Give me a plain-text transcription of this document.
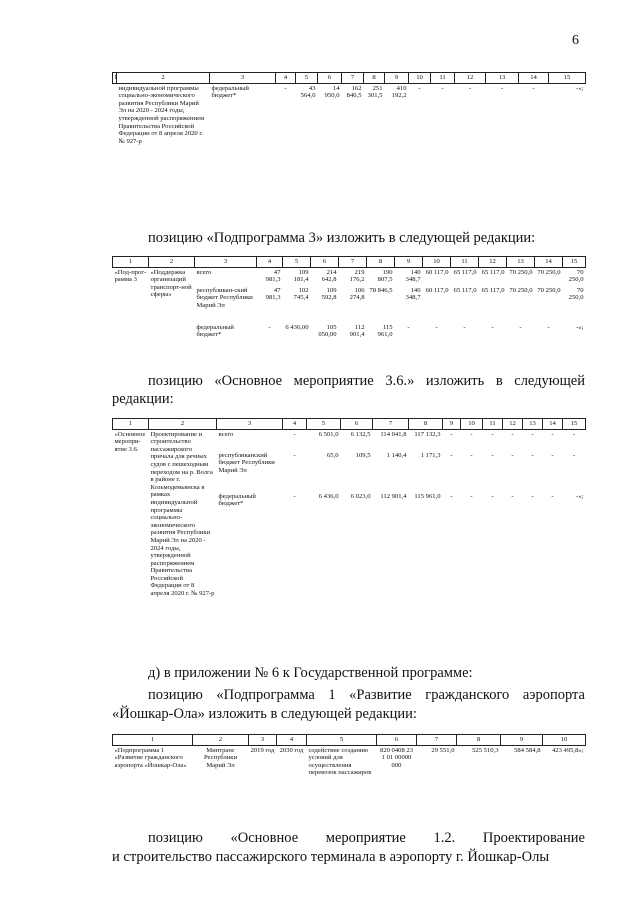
6
1	2	3	4	5	6	7	8	9	10	11	12	13	14	15
	индивидуальной программы социально-экономического развития Республики Марий Эл на 2020 - 2024 годы, утвержденной распоряжением Правительства Российской Федерации от 8 апреля 2020 г. № 927-р	федеральный бюджет*	-	43 564,0	14 950,0	162 840,5	251 301,5	410 192,2	-	-	-	-	-	-»;
позицию «Подпрограмма 3» изложить в следующей редакции:
1	2	3	4	5	6	7	8	9	10	11	12	13	14	15
«Под-прог-рамма 3	«Поддержка организаций транспорт-ной сферы»	всего	47 981,3	109 181,4	214 642,8	219 176,2	190 807,5	140 348,7	60 117,0	65 117,0	65 117,0	70 250,0	70 250,0	70 250,0
		республикан-ский бюджет Республики Марий Эл	47 981,3	102 745,4	109 592,8	106 274,8	78 846,5	140 348,7	60 117,0	65 117,0	65 117,0	70 250,0	70 250,0	70 250,0
		федеральный бюджет*	-	6 436,00	105 050,00	112 901,4	115 961,0	-	-	-	-	-	-	-»;
позицию «Основное мероприятие 3.6.» изложить в следующей
редакции:
1	2	3	4	5	6	7	8	9	10	11	12	13	14	15
«Основное меропри-ятие 3.6.	Проектирование и строительство пассажирского причала для речных судов с пешеходным переходом на р. Волга в районе г. Козьмодемьянска в рамках индивидуальной программы социально-экономического развития Республики Марий Эл на 2020 - 2024 годы, утвержденной распоряжением Правительства Российской Федерации от 8 апреля 2020 г. № 927-р	всего	-	6 501,0	6 132,5	114 041,8	117 132,3	-	-	-	-	-	-	-
		республиканский бюджет Республики Марий Эл	-	65,0	109,5	1 140,4	1 171,3	-	-	-	-	-	-	-
		федеральный бюджет*	-	6 436,0	6 023,0	112 901,4	115 961,0	-	-	-	-	-	-	-»;
д) в приложении № 6 к Государственной программе:
позицию «Подпрограмма 1 «Развитие гражданского аэропорта
«Йошкар-Ола» изложить в следующей редакции:
1	2	3	4	5	6	7	8	9	10
«Подпрограмма 1 «Развитие гражданского аэропорта «Йошкар-Ола»	Минтранс Республики Марий Эл	2019 год	2030 год	содействие созданию условий для осуществления перевозок пассажиров	820 0408 23 1 01 00000 000	29 551,0	525 510,3	584 584,8	423 495,8»;
позицию «Основное мероприятие 1.2. Проектирование
и строительство пассажирского терминала в аэропорту г. Йошкар-Олы
